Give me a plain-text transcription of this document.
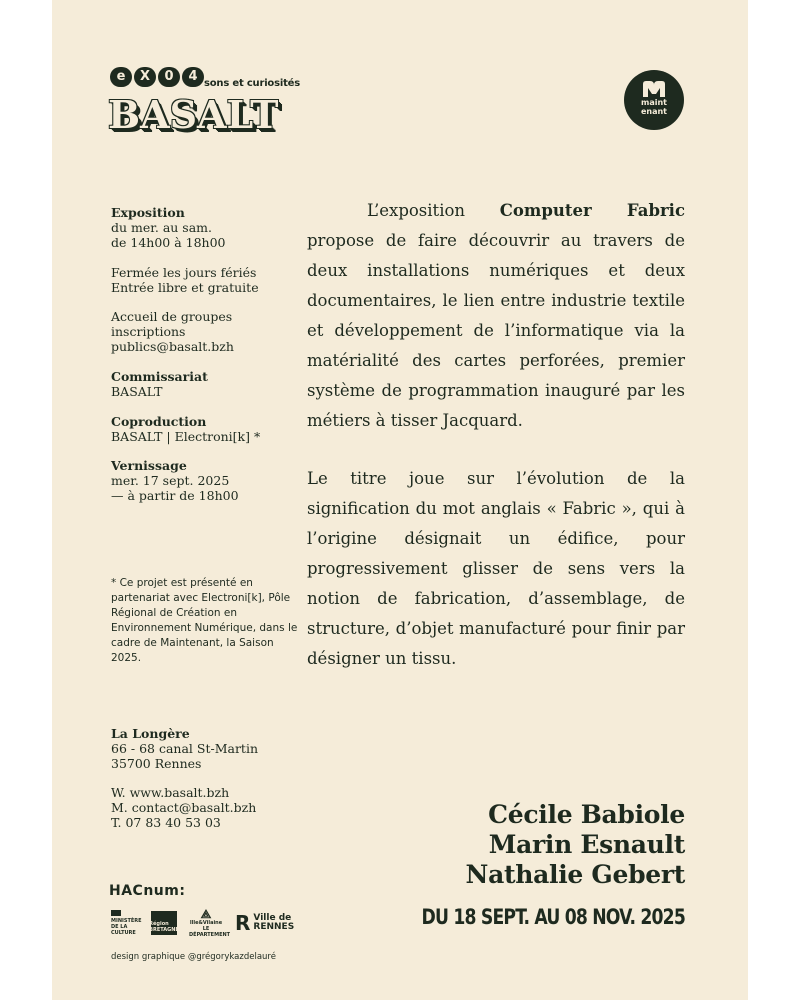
e	X	0	4 sons et curiosités
BASALT	maint
enant
Exposition
du mer. au sam.
de 14h00 à 18h00
Fermée les jours fériés
Entrée libre et gratuite
Accueil de groupes
inscriptions
publics@basalt.bzh
Commissariat
BASALT
Coproduction
BASALT | Electroni[k] *
Vernissage
mer. 17 sept. 2025
— à partir de 18h00
* Ce projet est présenté en partenariat avec Electroni[k], Pôle Régional de Création en Environnement Numérique, dans le cadre de Maintenant, la Saison 2025.
La Longère
66 - 68 canal St-Martin
35700 Rennes
W. www.basalt.bzh
M. contact@basalt.bzh
T. 07 83 40 53 03

L’exposition Computer Fabric propose de faire découvrir au travers de deux installations numériques et deux documentaires, le lien entre industrie textile et développement de l’informatique via la matérialité des cartes perforées, premier système de programmation inauguré par les métiers à tisser Jacquard.

Le titre joue sur l’évolution de la signification du mot anglais « Fabric », qui à l’origine désignait un édifice, pour progressivement glisser de sens vers la notion de fabrication, d’assemblage, de structure, d’objet manufacturé pour finir par désigner un tissu.

Cécile Babiole
Marin Esnault
Nathalie Gebert
DU 18 SEPT. AU 08 NOV. 2025
HACnum:
MINISTÈRE DE LA CULTURE
Région BRETAGNE
⟁
Ille&Vilaine LE DÉPARTEMENT R Ville de
RENNES
design graphique @grégorykazdelauré
